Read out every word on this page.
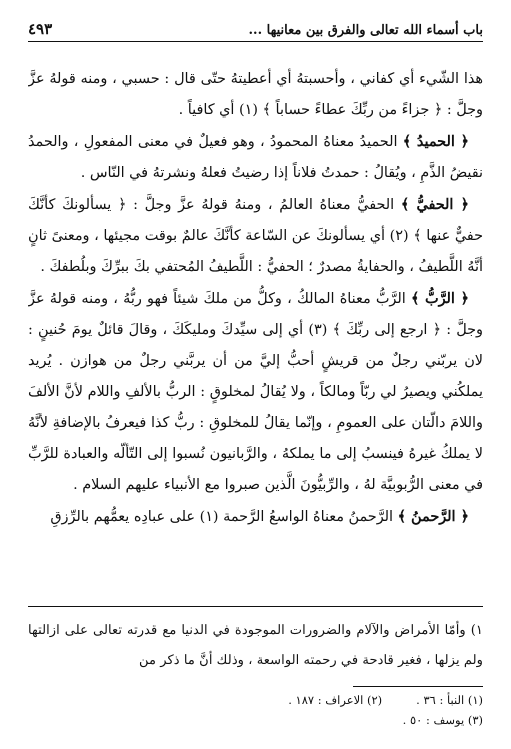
باب أسماء الله تعالى والفرق بين معانيها ...
٤٩٣

هذا الشّيء أي كفاني ، وأحسبتهُ أي أعطيتهُ حتّى قال : حسبي ، ومنه قولهُ عزَّ وجلَّ : ﴿ جزاءً من ربِّكَ عطاءً حساباً ﴾ (١) أي كافياً .

﴿ الحميدُ ﴾ الحميدُ معناهُ المحمودُ ، وهو فعيلٌ في معنى المفعولِ ، والحمدُ نقيضُ الذَّمِ ، ويُقالُ : حمدتُ فلاناً إذا رضيتُ فعلهُ ونشرتهُ في النّاس .

﴿ الحفيُّ ﴾ الحفيُّ معناهُ العالمُ ، ومنهُ قولهُ عزَّ وجلَّ : ﴿ يسألونكَ كأنَّكَ حفيٌّ عنها ﴾ (٢) أي يسألونكَ عن السّاعة كأنَّكَ عالمٌ بوقت مجيئها ، ومعنىً ثانٍ أنَّهُ اللَّطيفُ ، والحفايةُ مصدرٌ ؛ الحفيُّ : اللَّطيفُ المُحتفي بكَ ببرِّكَ وبلُطفكَ .

﴿ الرَّبُّ ﴾ الرَّبُّ معناهُ المالكُ ، وكلُّ من ملكَ شيئاً فهو ربُّهُ ، ومنه قولهُ عزَّ وجلَّ : ﴿ ارجع إلى ربِّكَ ﴾ (٣) أي إلى سيِّدكَ ومليكَكَ ، وقالَ قائلٌ يومَ حُنينٍ : لان يربّني رجلٌ من قريشٍ أحبُّ إليَّ من أن يربَّني رجلٌ من هوازن . يُريد يملكُني ويصيرُ لي ربّاً ومالكاً ، ولا يُقالُ لمخلوقٍ : الربُّ بالألفِ واللام لأنَّ الألفَ واللامَ دالّتان على العمومِ ، وإنّما يقالُ للمخلوقِ : ربُّ كذا فيعرفُ بالإضافةِ لأنَّهُ لا يملكُ غيرهُ فينسبُ إلى ما يملكهُ ، والرَّبانيون نُسبوا إلى التّألّه والعبادة للرَّبِّ في معنى الرُّبوبيَّة لهُ ، والرِّبيُّونَ الَّذين صبروا مع الأنبياء عليهم السلام .

﴿ الرَّحمنُ ﴾ الرَّحمنُ معناهُ الواسعُ الرَّحمة (١) على عبادِه يعمُّهم بالرِّزقِ

١) وأمّا الأمراض والآلام والضرورات الموجودة في الدنيا مع قدرته تعالى على ازالتها ولم يزلها ، فغير قادحة في رحمته الواسعة ، وذلك أنَّ ما ذكر من
(١) النبأ : ٣٦ .
(٢) الاعراف : ١٨٧ .
(٣) يوسف : ٥٠ .
